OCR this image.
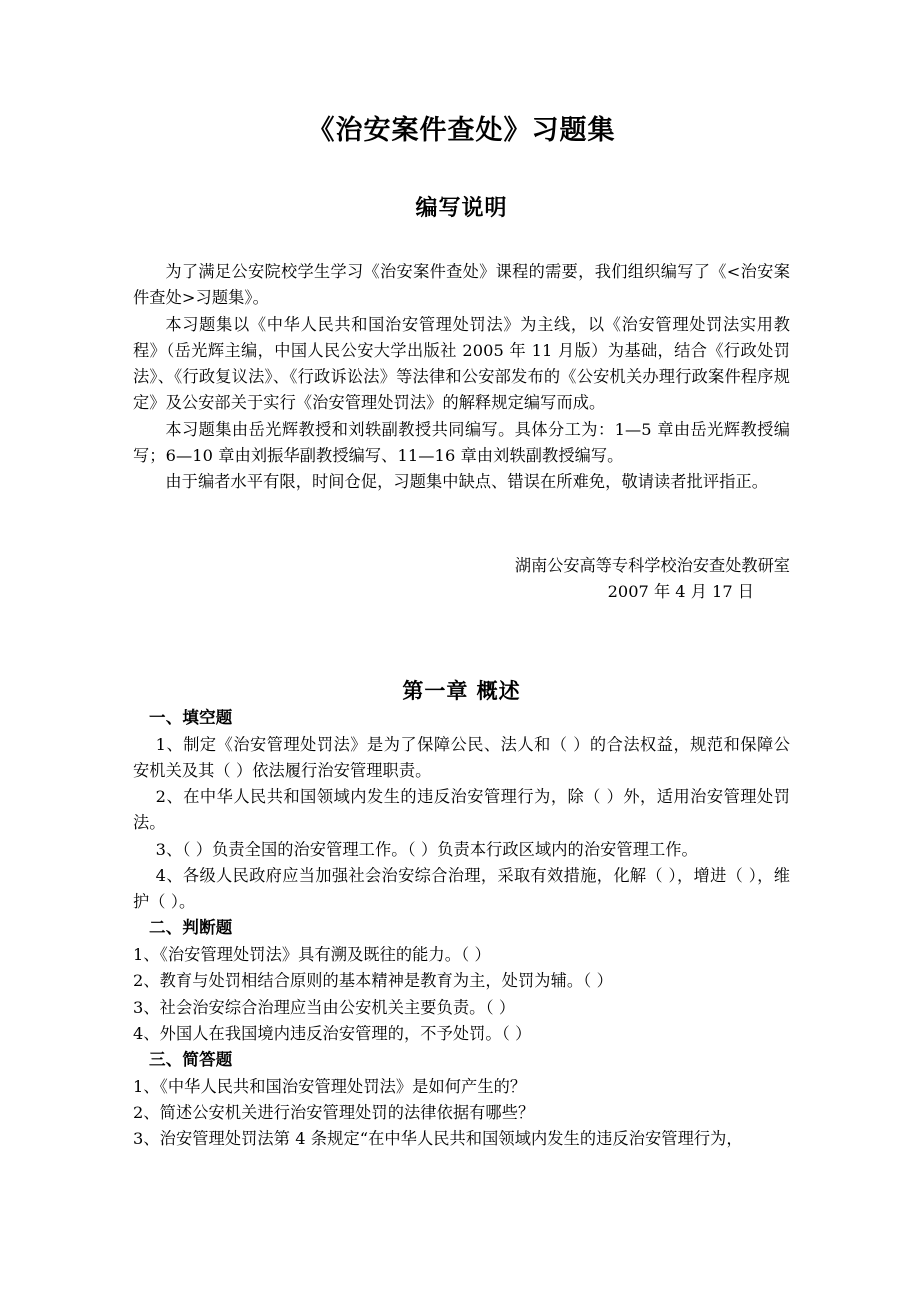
《治安案件查处》习题集
编写说明

为了满足公安院校学生学习《治安案件查处》课程的需要，我们组织编写了《<治安案件查处>习题集》。

本习题集以《中华人民共和国治安管理处罚法》为主线，以《治安管理处罚法实用教程》（岳光辉主编，中国人民公安大学出版社 2005 年 11 月版）为基础，结合《行政处罚法》、《行政复议法》、《行政诉讼法》等法律和公安部发布的《公安机关办理行政案件程序规定》及公安部关于实行《治安管理处罚法》的解释规定编写而成。

本习题集由岳光辉教授和刘轶副教授共同编写。具体分工为：1—5 章由岳光辉教授编写；6—10 章由刘振华副教授编写、11—16 章由刘轶副教授编写。

由于编者水平有限，时间仓促，习题集中缺点、错误在所难免，敬请读者批评指正。

湖南公安高等专科学校治安查处教研室
2007 年 4 月 17 日
第一章 概述
一、填空题

1、制定《治安管理处罚法》是为了保障公民、法人和（ ）的合法权益，规范和保障公安机关及其（ ）依法履行治安管理职责。

2、在中华人民共和国领域内发生的违反治安管理行为，除（ ）外，适用治安管理处罚法。

3、（ ）负责全国的治安管理工作。（ ）负责本行政区域内的治安管理工作。

4、各级人民政府应当加强社会治安综合治理，采取有效措施，化解（ ），增进（ ），维护（ ）。

二、判断题

1、《治安管理处罚法》具有溯及既往的能力。（ ）

2、教育与处罚相结合原则的基本精神是教育为主，处罚为辅。（ ）

3、社会治安综合治理应当由公安机关主要负责。（ ）

4、外国人在我国境内违反治安管理的，不予处罚。（ ）

三、简答题

1、《中华人民共和国治安管理处罚法》是如何产生的？

2、简述公安机关进行治安管理处罚的法律依据有哪些？

3、治安管理处罚法第 4 条规定“在中华人民共和国领域内发生的违反治安管理行为，
